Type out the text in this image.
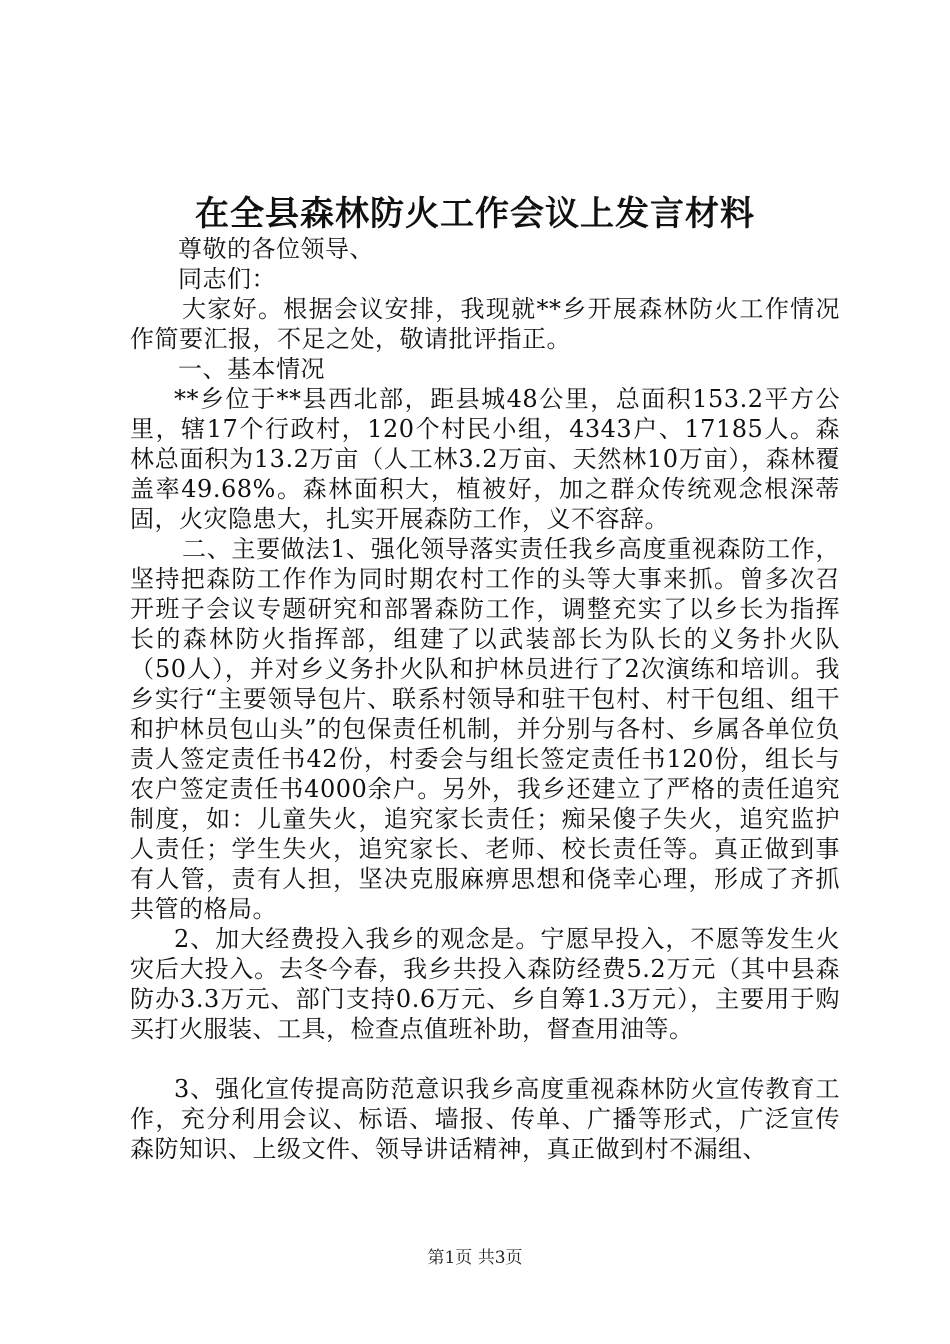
在全县森林防火工作会议上发言材料

尊敬的各位领导、

同志们：

大家好。根据会议安排，我现就**乡开展森林防火工作情况作简要汇报，不足之处，敬请批评指正。

一、基本情况

**乡位于**县西北部，距县城48公里，总面积153.2平方公里，辖17个行政村，120个村民小组，4343户、17185人。森林总面积为13.2万亩（人工林3.2万亩、天然林10万亩），森林覆盖率49.68%。森林面积大，植被好，加之群众传统观念根深蒂固，火灾隐患大，扎实开展森防工作，义不容辞。

二、主要做法1、强化领导落实责任我乡高度重视森防工作，坚持把森防工作作为同时期农村工作的头等大事来抓。曾多次召开班子会议专题研究和部署森防工作，调整充实了以乡长为指挥长的森林防火指挥部，组建了以武装部长为队长的义务扑火队（50人），并对乡义务扑火队和护林员进行了2次演练和培训。我乡实行“主要领导包片、联系村领导和驻干包村、村干包组、组干和护林员包山头”的包保责任机制，并分别与各村、乡属各单位负责人签定责任书42份，村委会与组长签定责任书120份，组长与农户签定责任书4000余户。另外，我乡还建立了严格的责任追究制度，如：儿童失火，追究家长责任；痴呆傻子失火，追究监护人责任；学生失火，追究家长、老师、校长责任等。真正做到事有人管，责有人担，坚决克服麻痹思想和侥幸心理，形成了齐抓共管的格局。

2、加大经费投入我乡的观念是。宁愿早投入，不愿等发生火灾后大投入。去冬今春，我乡共投入森防经费5.2万元（其中县森防办3.3万元、部门支持0.6万元、乡自筹1.3万元），主要用于购买打火服装、工具，检查点值班补助，督查用油等。

3、强化宣传提高防范意识我乡高度重视森林防火宣传教育工作，充分利用会议、标语、墙报、传单、广播等形式，广泛宣传森防知识、上级文件、领导讲话精神，真正做到村不漏组、

第1页 共3页
